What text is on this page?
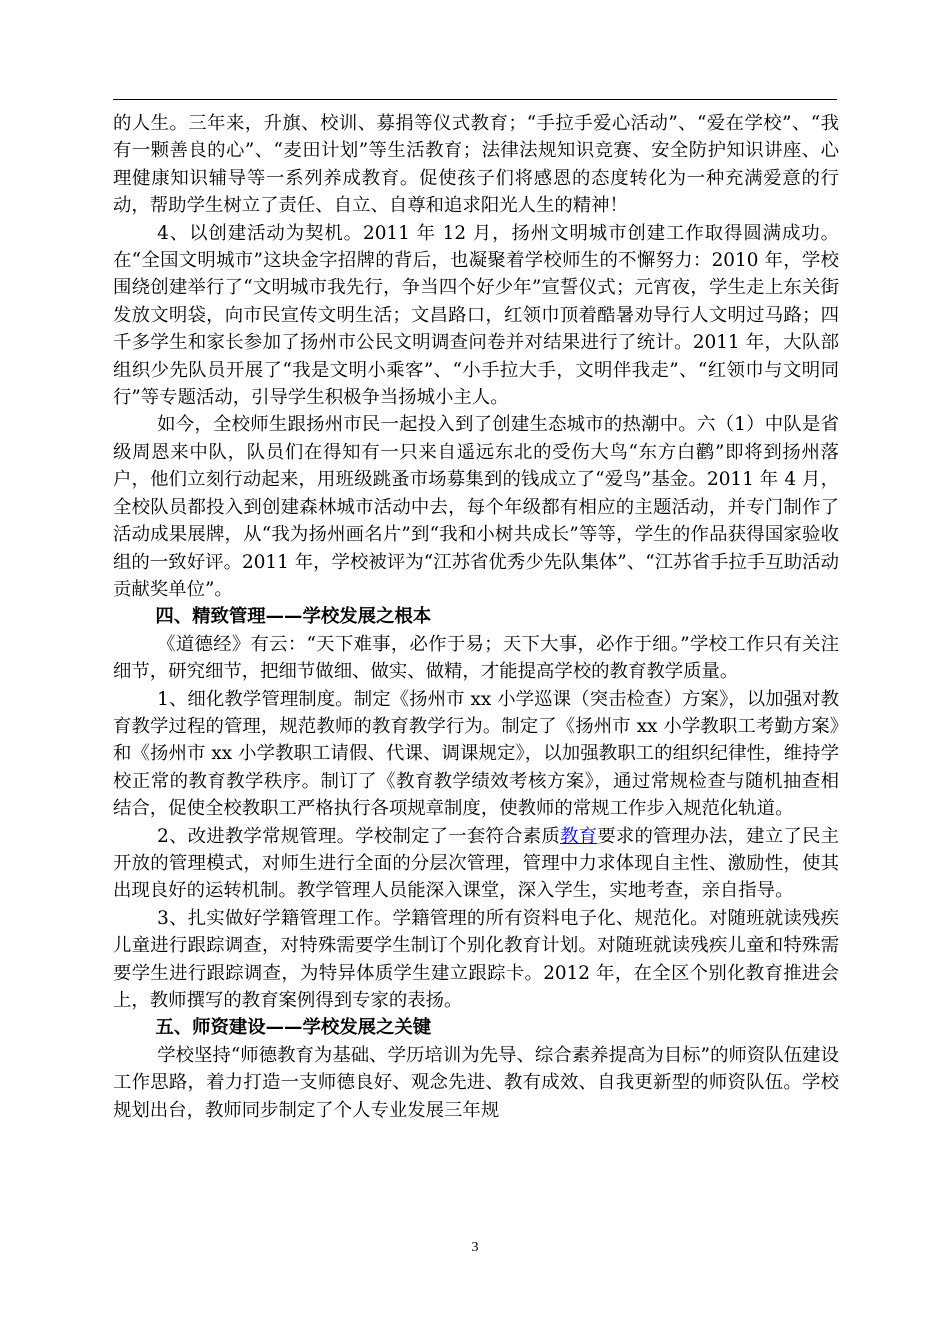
的人生。三年来，升旗、校训、募捐等仪式教育；“手拉手爱心活动”、“爱在学校”、“我有一颗善良的心”、“麦田计划”等生活教育；法律法规知识竞赛、安全防护知识讲座、心理健康知识辅导等一系列养成教育。促使孩子们将感恩的态度转化为一种充满爱意的行动，帮助学生树立了责任、自立、自尊和追求阳光人生的精神！

4、以创建活动为契机。2011 年 12 月，扬州文明城市创建工作取得圆满成功。在“全国文明城市”这块金字招牌的背后，也凝聚着学校师生的不懈努力：2010 年，学校围绕创建举行了“文明城市我先行，争当四个好少年”宣誓仪式；元宵夜，学生走上东关街发放文明袋，向市民宣传文明生活；文昌路口，红领巾顶着酷暑劝导行人文明过马路；四千多学生和家长参加了扬州市公民文明调查问卷并对结果进行了统计。2011 年，大队部组织少先队员开展了“我是文明小乘客”、“小手拉大手，文明伴我走”、“红领巾与文明同行”等专题活动，引导学生积极争当扬城小主人。

如今，全校师生跟扬州市民一起投入到了创建生态城市的热潮中。六（1）中队是省级周恩来中队，队员们在得知有一只来自遥远东北的受伤大鸟“东方白鹳”即将到扬州落户，他们立刻行动起来，用班级跳蚤市场募集到的钱成立了“爱鸟”基金。2011 年 4 月，全校队员都投入到创建森林城市活动中去，每个年级都有相应的主题活动，并专门制作了活动成果展牌，从“我为扬州画名片”到“我和小树共成长”等等，学生的作品获得国家验收组的一致好评。2011 年，学校被评为“江苏省优秀少先队集体”、“江苏省手拉手互助活动贡献奖单位”。

四、精致管理——学校发展之根本

《道德经》有云：“天下难事，必作于易；天下大事，必作于细。”学校工作只有关注细节，研究细节，把细节做细、做实、做精，才能提高学校的教育教学质量。

1、细化教学管理制度。制定《扬州市 xx 小学巡课（突击检查）方案》，以加强对教育教学过程的管理，规范教师的教育教学行为。制定了《扬州市 xx 小学教职工考勤方案》和《扬州市 xx 小学教职工请假、代课、调课规定》，以加强教职工的组织纪律性，维持学校正常的教育教学秩序。制订了《教育教学绩效考核方案》，通过常规检查与随机抽查相结合，促使全校教职工严格执行各项规章制度，使教师的常规工作步入规范化轨道。

2、改进教学常规管理。学校制定了一套符合素质教育要求的管理办法，建立了民主开放的管理模式，对师生进行全面的分层次管理，管理中力求体现自主性、激励性，使其出现良好的运转机制。教学管理人员能深入课堂，深入学生，实地考查，亲自指导。

3、扎实做好学籍管理工作。学籍管理的所有资料电子化、规范化。对随班就读残疾儿童进行跟踪调查，对特殊需要学生制订个别化教育计划。对随班就读残疾儿童和特殊需要学生进行跟踪调查，为特异体质学生建立跟踪卡。2012 年，在全区个别化教育推进会上，教师撰写的教育案例得到专家的表扬。

五、师资建设——学校发展之关键

学校坚持“师德教育为基础、学历培训为先导、综合素养提高为目标”的师资队伍建设工作思路，着力打造一支师德良好、观念先进、教有成效、自我更新型的师资队伍。学校规划出台，教师同步制定了个人专业发展三年规

3
